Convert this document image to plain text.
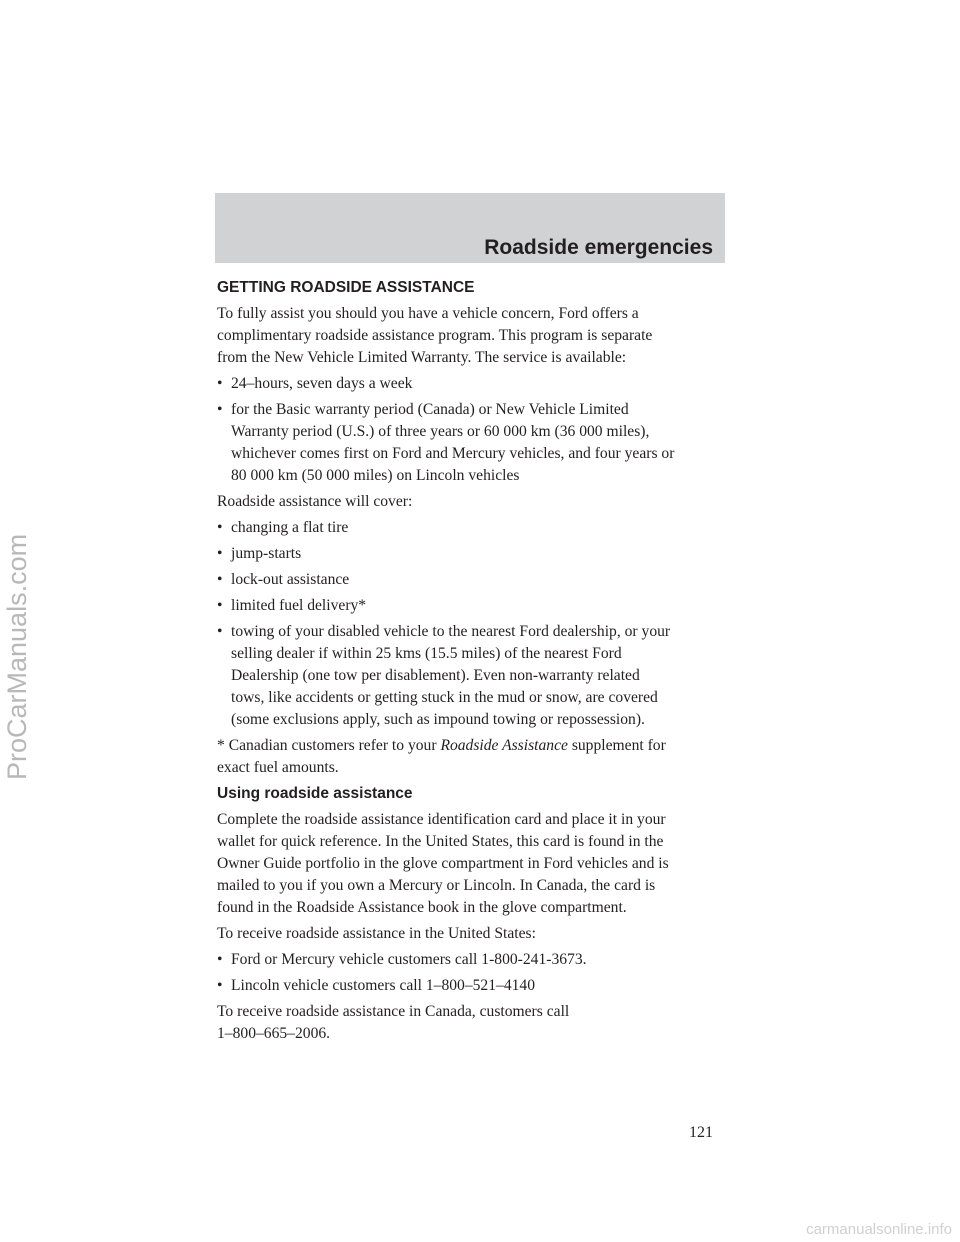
Roadside emergencies
GETTING ROADSIDE ASSISTANCE
To fully assist you should you have a vehicle concern, Ford offers a
complimentary roadside assistance program. This program is separate
from the New Vehicle Limited Warranty. The service is available:
• 24–hours, seven days a week
• for the Basic warranty period (Canada) or New Vehicle Limited
Warranty period (U.S.) of three years or 60 000 km (36 000 miles),
whichever comes first on Ford and Mercury vehicles, and four years or
80 000 km (50 000 miles) on Lincoln vehicles
Roadside assistance will cover:
• changing a flat tire
• jump-starts
• lock-out assistance
• limited fuel delivery*
• towing of your disabled vehicle to the nearest Ford dealership, or your
selling dealer if within 25 kms (15.5 miles) of the nearest Ford
Dealership (one tow per disablement). Even non-warranty related
tows, like accidents or getting stuck in the mud or snow, are covered
(some exclusions apply, such as impound towing or repossession).
* Canadian customers refer to your Roadside Assistance supplement for
exact fuel amounts.
Using roadside assistance
Complete the roadside assistance identification card and place it in your
wallet for quick reference. In the United States, this card is found in the
Owner Guide portfolio in the glove compartment in Ford vehicles and is
mailed to you if you own a Mercury or Lincoln. In Canada, the card is
found in the Roadside Assistance book in the glove compartment.
To receive roadside assistance in the United States:
• Ford or Mercury vehicle customers call 1-800-241-3673.
• Lincoln vehicle customers call 1–800–521–4140
To receive roadside assistance in Canada, customers call
1–800–665–2006.
121
ProCarManuals.com
carmanualsonline.info
